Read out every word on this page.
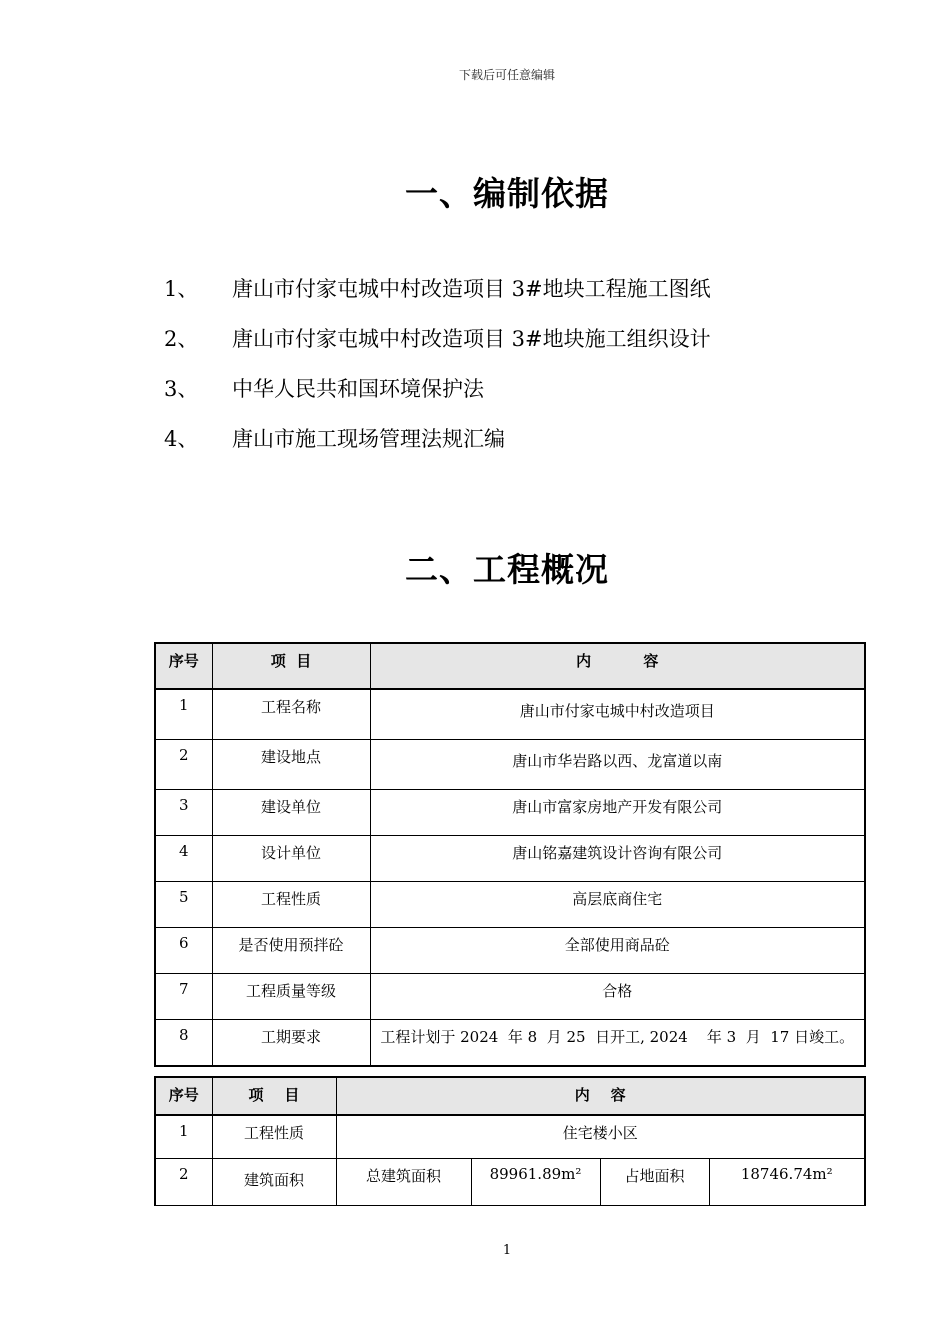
下载后可任意编辑
一、编制依据
1、	唐山市付家屯城中村改造项目 3#地块工程施工图纸
2、	唐山市付家屯城中村改造项目 3#地块施工组织设计
3、	中华人民共和国环境保护法
4、	唐山市施工现场管理法规汇编
二、工程概况
序号	项  目	内          容
1	工程名称	唐山市付家屯城中村改造项目
2	建设地点	唐山市华岩路以西、龙富道以南
3	建设单位	唐山市富家房地产开发有限公司
4	设计单位	唐山铭嘉建筑设计咨询有限公司
5	工程性质	高层底商住宅
6	是否使用预拌砼	全部使用商品砼
7	工程质量等级	合格
8	工期要求	工程计划于 2024  年 8  月 25  日开工, 2024    年 3  月  17 日竣工。
序号	项    目	内    容			
1	工程性质	住宅楼小区			
2	建筑面积	总建筑面积	89961.89m²	占地面积	18746.74m²
1
